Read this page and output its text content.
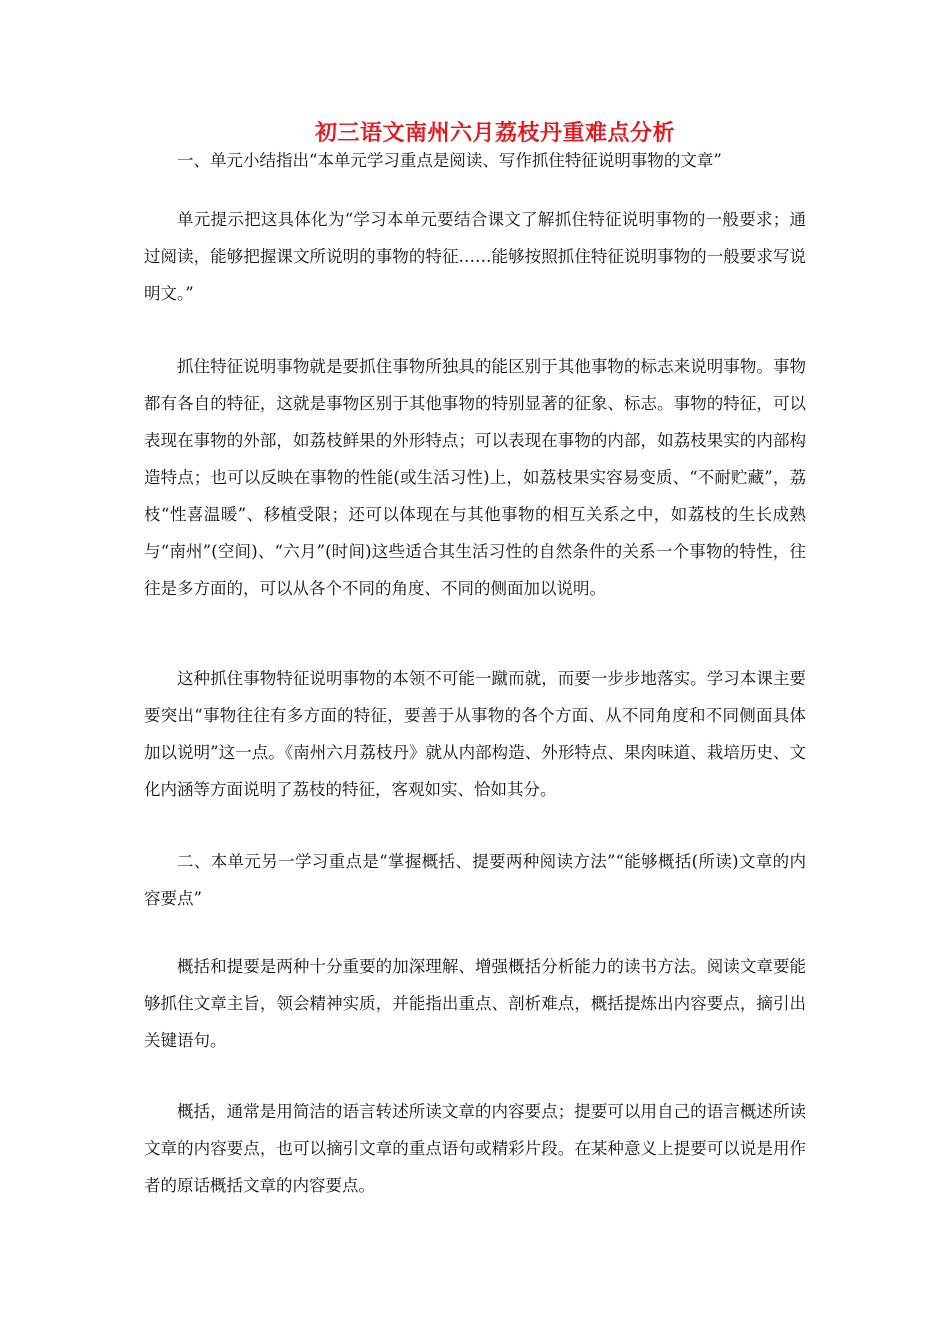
初三语文南州六月荔枝丹重难点分析

一、单元小结指出“本单元学习重点是阅读、写作抓住特征说明事物的文章”

单元提示把这具体化为“学习本单元要结合课文了解抓住特征说明事物的一般要求；通过阅读，能够把握课文所说明的事物的特征……能够按照抓住特征说明事物的一般要求写说明文。”

抓住特征说明事物就是要抓住事物所独具的能区别于其他事物的标志来说明事物。事物都有各自的特征，这就是事物区别于其他事物的特别显著的征象、标志。事物的特征，可以表现在事物的外部，如荔枝鲜果的外形特点；可以表现在事物的内部，如荔枝果实的内部构造特点；也可以反映在事物的性能(或生活习性)上，如荔枝果实容易变质、“不耐贮藏”，荔枝“性喜温暖”、移植受限；还可以体现在与其他事物的相互关系之中，如荔枝的生长成熟与“南州”(空间)、“六月”(时间)这些适合其生活习性的自然条件的关系一个事物的特性，往往是多方面的，可以从各个不同的角度、不同的侧面加以说明。

这种抓住事物特征说明事物的本领不可能一蹴而就，而要一步步地落实。学习本课主要要突出“事物往往有多方面的特征，要善于从事物的各个方面、从不同角度和不同侧面具体加以说明”这一点。《南州六月荔枝丹》就从内部构造、外形特点、果肉味道、栽培历史、文化内涵等方面说明了荔枝的特征，客观如实、恰如其分。

二、本单元另一学习重点是“掌握概括、提要两种阅读方法”“能够概括(所读)文章的内容要点”

概括和提要是两种十分重要的加深理解、增强概括分析能力的读书方法。阅读文章要能够抓住文章主旨，领会精神实质，并能指出重点、剖析难点，概括提炼出内容要点，摘引出关键语句。

概括，通常是用简洁的语言转述所读文章的内容要点；提要可以用自己的语言概述所读文章的内容要点，也可以摘引文章的重点语句或精彩片段。在某种意义上提要可以说是用作者的原话概括文章的内容要点。
